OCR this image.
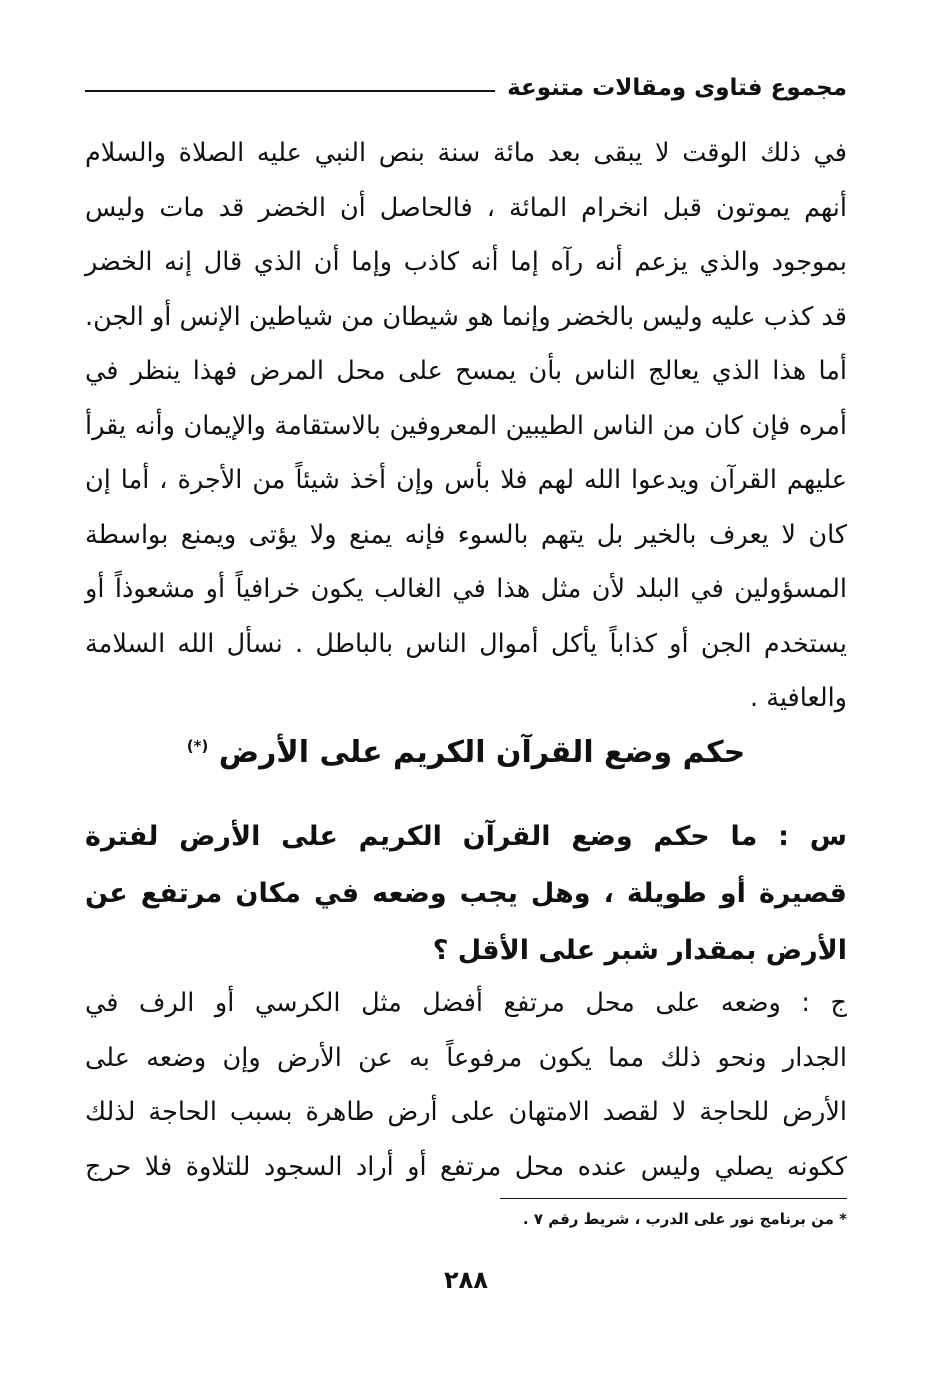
مجموع فتاوى ومقالات متنوعة
في ذلك الوقت لا يبقى بعد مائة سنة بنص النبي عليه الصلاة والسلام
أنهم يموتون قبل انخرام المائة ، فالحاصل أن الخضر قد مات وليس
بموجود والذي يزعم أنه رآه إما أنه كاذب وإما أن الذي قال إنه الخضر
قد كذب عليه وليس بالخضر وإنما هو شيطان من شياطين الإنس أو الجن.
أما هذا الذي يعالج الناس بأن يمسح على محل المرض فهذا ينظر في
أمره فإن كان من الناس الطيبين المعروفين بالاستقامة والإيمان وأنه يقرأ
عليهم القرآن ويدعوا الله لهم فلا بأس وإن أخذ شيئاً من الأجرة ، أما إن
كان لا يعرف بالخير بل يتهم بالسوء فإنه يمنع ولا يؤتى ويمنع بواسطة
المسؤولين في البلد لأن مثل هذا في الغالب يكون خرافياً أو مشعوذاً أو
يستخدم الجن أو كذاباً يأكل أموال الناس بالباطل . نسأل الله السلامة
والعافية .
حكم وضع القرآن الكريم على الأرض (*)
س : ما حكم وضع القرآن الكريم على الأرض لفترة
قصيرة أو طويلة ، وهل يجب وضعه في مكان مرتفع عن
الأرض بمقدار شبر على الأقل ؟
ج : وضعه على محل مرتفع أفضل مثل الكرسي أو الرف في
الجدار ونحو ذلك مما يكون مرفوعاً به عن الأرض وإن وضعه على
الأرض للحاجة لا لقصد الامتهان على أرض طاهرة بسبب الحاجة لذلك
ككونه يصلي وليس عنده محل مرتفع أو أراد السجود للتلاوة فلا حرج

* من برنامج نور على الدرب ، شريط رقم ٧ .

٢٨٨
